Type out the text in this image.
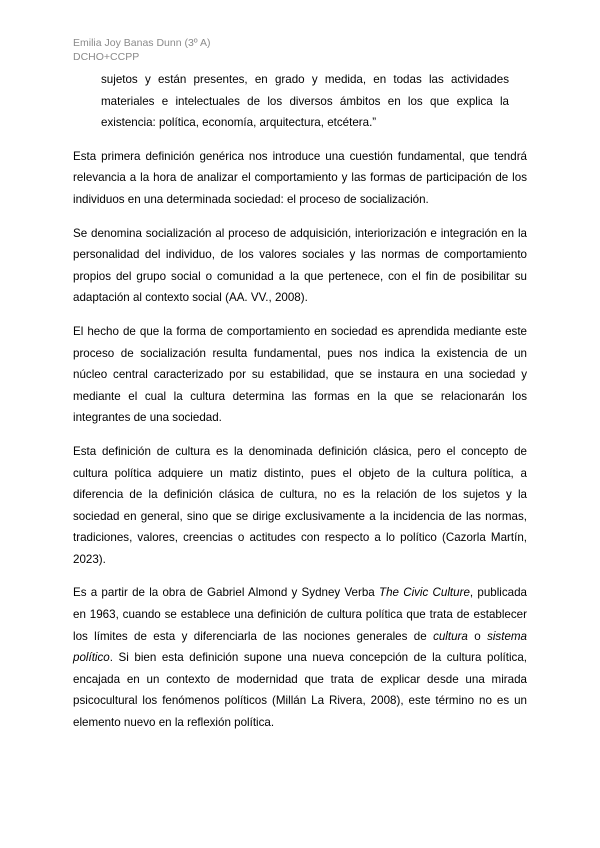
Emilia Joy Banas Dunn (3º A)
DCHO+CCPP

sujetos y están presentes, en grado y medida, en todas las actividades materiales e intelectuales de los diversos ámbitos en los que explica la existencia: política, economía, arquitectura, etcétera.”

Esta primera definición genérica nos introduce una cuestión fundamental, que tendrá relevancia a la hora de analizar el comportamiento y las formas de participación de los individuos en una determinada sociedad: el proceso de socialización.

Se denomina socialización al proceso de adquisición, interiorización e integración en la personalidad del individuo, de los valores sociales y las normas de comportamiento propios del grupo social o comunidad a la que pertenece, con el fin de posibilitar su adaptación al contexto social (AA. VV., 2008).

El hecho de que la forma de comportamiento en sociedad es aprendida mediante este proceso de socialización resulta fundamental, pues nos indica la existencia de un núcleo central caracterizado por su estabilidad, que se instaura en una sociedad y mediante el cual la cultura determina las formas en la que se relacionarán los integrantes de una sociedad.

Esta definición de cultura es la denominada definición clásica, pero el concepto de cultura política adquiere un matiz distinto, pues el objeto de la cultura política, a diferencia de la definición clásica de cultura, no es la relación de los sujetos y la sociedad en general, sino que se dirige exclusivamente a la incidencia de las normas, tradiciones, valores, creencias o actitudes con respecto a lo político (Cazorla Martín, 2023).

Es a partir de la obra de Gabriel Almond y Sydney Verba The Civic Culture, publicada en 1963, cuando se establece una definición de cultura política que trata de establecer los límites de esta y diferenciarla de las nociones generales de cultura o sistema político. Si bien esta definición supone una nueva concepción de la cultura política, encajada en un contexto de modernidad que trata de explicar desde una mirada psicocultural los fenómenos políticos (Millán La Rivera, 2008), este término no es un elemento nuevo en la reflexión política.
